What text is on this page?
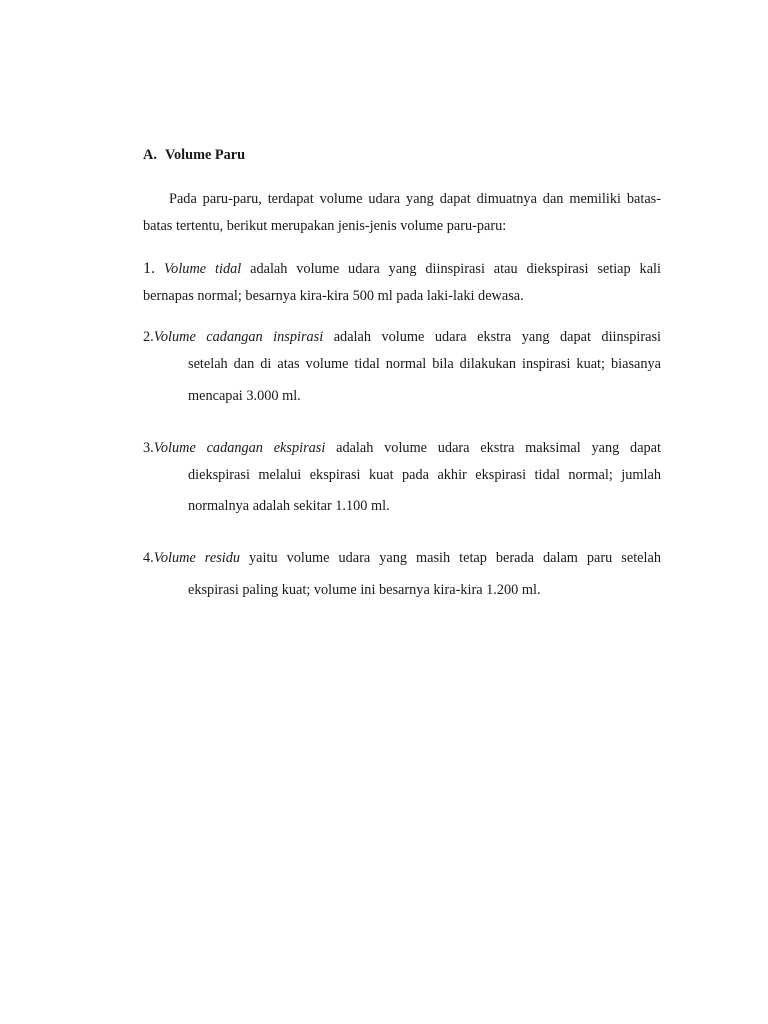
A. Volume Paru
Pada paru-paru, terdapat volume udara yang dapat dimuatnya dan memiliki batas-
batas tertentu, berikut merupakan jenis-jenis volume paru-paru:
1. Volume tidal adalah volume udara yang diinspirasi atau diekspirasi setiap kali
bernapas normal; besarnya kira-kira 500 ml pada laki-laki dewasa.
2.Volume cadangan inspirasi adalah volume udara ekstra yang dapat diinspirasi
setelah dan di atas volume tidal normal bila dilakukan inspirasi kuat; biasanya
mencapai 3.000 ml.
3.Volume cadangan ekspirasi adalah volume udara ekstra maksimal yang dapat
diekspirasi melalui ekspirasi kuat pada akhir ekspirasi tidal normal; jumlah
normalnya adalah sekitar 1.100 ml.
4.Volume residu yaitu volume udara yang masih tetap berada dalam paru setelah
ekspirasi paling kuat; volume ini besarnya kira-kira 1.200 ml.
